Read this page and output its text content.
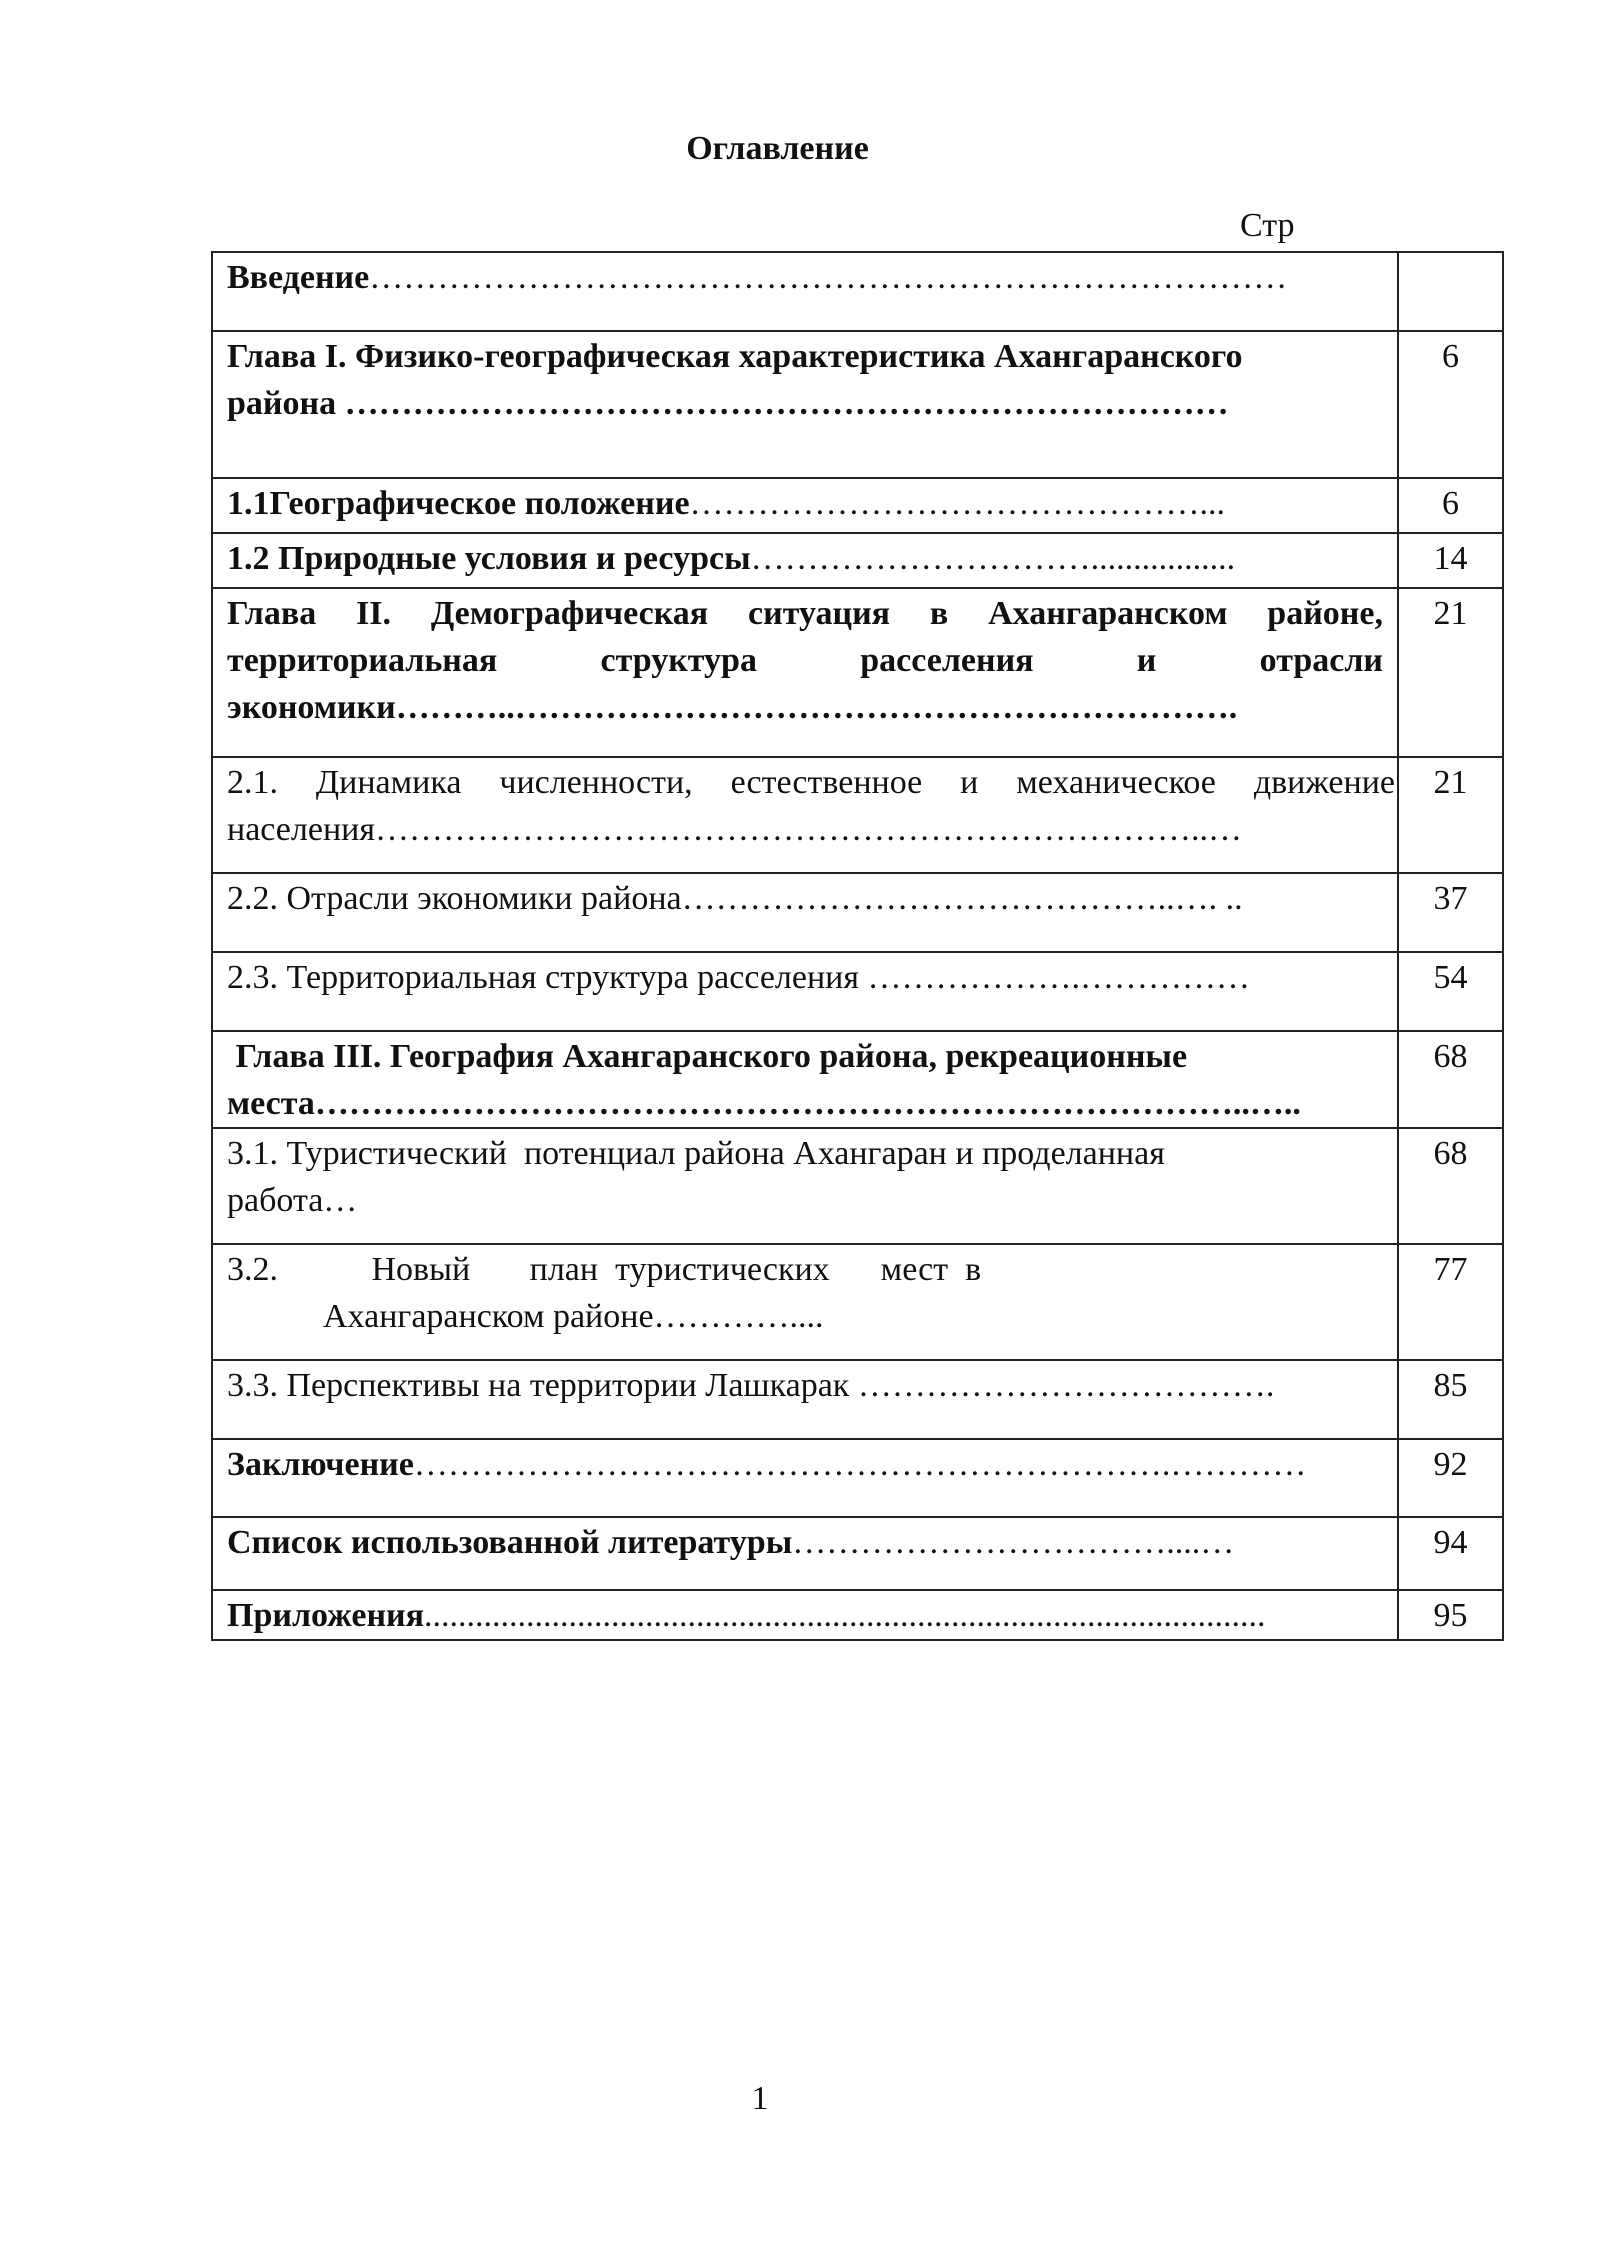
Оглавление
Стр
Введение………………………………………………………………………	

Глава I. Физико-географическая характеристика Ахангаранского
района ……………………………………………………………………	6

1.1Географическое положение………………………………………...	6

1.2 Природные условия и ресурсы………………………….................	14

Глава II. Демографическая ситуация в Ахангаранском районе,
территориальная структура расселения и отрасли
экономики………..……………………………………………………….	21

2.1. Динамика численности, естественное и механическое движение
населения………………………………………………………………..…	21

2.2. Отрасли экономики района……………………………………..…. ..	37

2.3. Территориальная структура расселения ……………….……………	54

Глава III. География Ахангаранского района, рекреационные
места………………………………………………………………………..…..	68

3.1. Туристический  потенциал района Ахангаран и проделанная
работа…	68

3.2.           Новый       план  туристических      мест  в
Ахангаранском районе…………....	77

3.3. Перспективы на территории Лашкарак ……………………………….	85

Заключение………………………………………………………….…………	92

Список использованной литературы……………………………....…	94

Приложения...................................................................................................	95
1
